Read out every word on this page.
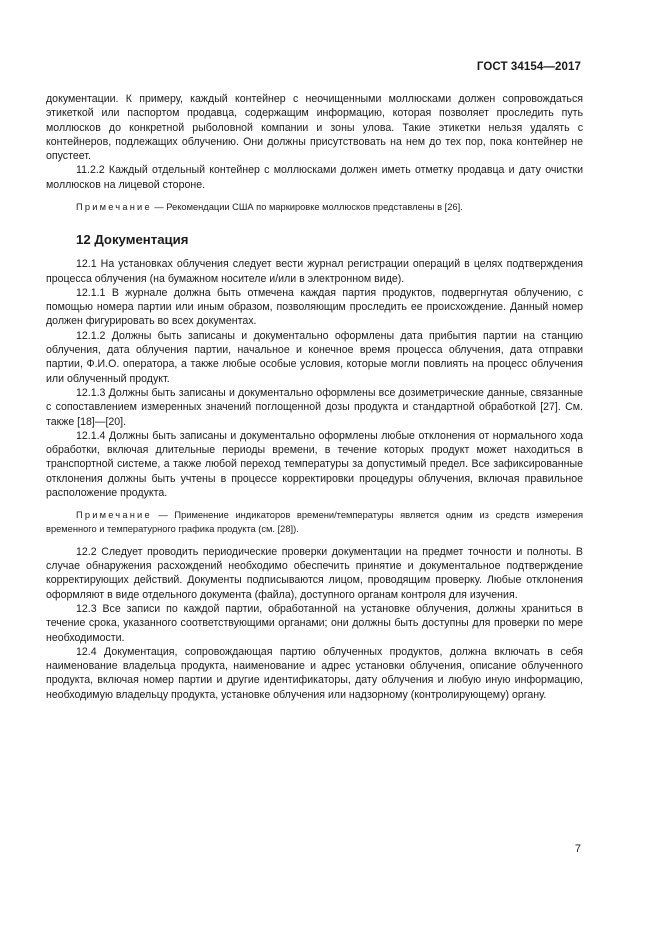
ГОСТ 34154—2017

документации. К примеру, каждый контейнер с неочищенными моллюсками должен сопровождаться этикеткой или паспортом продавца, содержащим информацию, которая позволяет проследить путь моллюсков до конкретной рыболовной компании и зоны улова. Такие этикетки нельзя удалять с контейнеров, подлежащих облучению. Они должны присутствовать на нем до тех пор, пока контейнер не опустеет.

11.2.2 Каждый отдельный контейнер с моллюсками должен иметь отметку продавца и дату очистки моллюсков на лицевой стороне.

Примечание — Рекомендации США по маркировке моллюсков представлены в [26].

12 Документация

12.1 На установках облучения следует вести журнал регистрации операций в целях подтверждения процесса облучения (на бумажном носителе и/или в электронном виде).

12.1.1 В журнале должна быть отмечена каждая партия продуктов, подвергнутая облучению, с помощью номера партии или иным образом, позволяющим проследить ее происхождение. Данный номер должен фигурировать во всех документах.

12.1.2 Должны быть записаны и документально оформлены дата прибытия партии на станцию облучения, дата облучения партии, начальное и конечное время процесса облучения, дата отправки партии, Ф.И.О. оператора, а также любые особые условия, которые могли повлиять на процесс облучения или облученный продукт.

12.1.3 Должны быть записаны и документально оформлены все дозиметрические данные, связанные с сопоставлением измеренных значений поглощенной дозы продукта и стандартной обработкой [27]. См. также [18]—[20].

12.1.4 Должны быть записаны и документально оформлены любые отклонения от нормального хода обработки, включая длительные периоды времени, в течение которых продукт может находиться в транспортной системе, а также любой переход температуры за допустимый предел. Все зафиксированные отклонения должны быть учтены в процессе корректировки процедуры облучения, включая правильное расположение продукта.

Примечание — Применение индикаторов времени/температуры является одним из средств измерения временного и температурного графика продукта (см. [28]).

12.2 Следует проводить периодические проверки документации на предмет точности и полноты. В случае обнаружения расхождений необходимо обеспечить принятие и документальное подтверждение корректирующих действий. Документы подписываются лицом, проводящим проверку. Любые отклонения оформляют в виде отдельного документа (файла), доступного органам контроля для изучения.

12.3 Все записи по каждой партии, обработанной на установке облучения, должны храниться в течение срока, указанного соответствующими органами; они должны быть доступны для проверки по мере необходимости.

12.4 Документация, сопровождающая партию облученных продуктов, должна включать в себя наименование владельца продукта, наименование и адрес установки облучения, описание облученного продукта, включая номер партии и другие идентификаторы, дату облучения и любую иную информацию, необходимую владельцу продукта, установке облучения или надзорному (контролирующему) органу.

7
